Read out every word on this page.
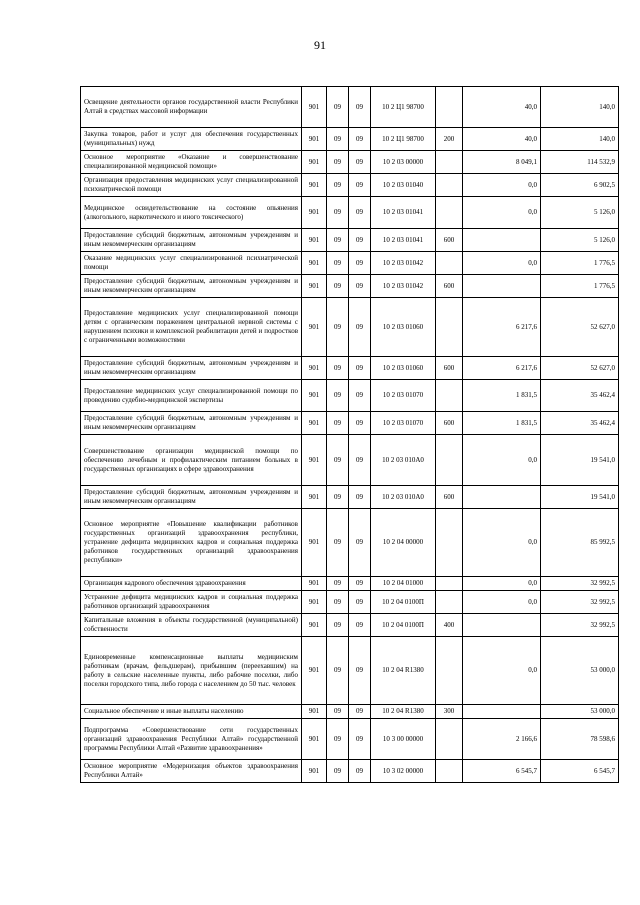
91
Освещение деятельности органов государственной власти Республики Алтай в средствах массовой информации	901	09	09	10 2 Ц1 98700		40,0	140,0
Закупка товаров, работ и услуг для обеспечения государственных (муниципальных) нужд	901	09	09	10 2 Ц1 98700	200	40,0	140,0
Основное мероприятие «Оказание и совершенствование специализированной медицинской помощи»	901	09	09	10 2 03 00000		8 049,1	114 532,9
Организация предоставления медицинских услуг специализированной психиатрической помощи	901	09	09	10 2 03 01040		0,0	6 902,5
Медицинское освидетельствование на состояние опьянения (алкогольного, наркотического и иного токсического)	901	09	09	10 2 03 01041		0,0	5 126,0
Предоставление субсидий бюджетным, автономным учреждениям и иным некоммерческим организациям	901	09	09	10 2 03 01041	600		5 126,0
Оказание медицинских услуг специализированной психиатрической помощи	901	09	09	10 2 03 01042		0,0	1 776,5
Предоставление субсидий бюджетным, автономным учреждениям и иным некоммерческим организациям	901	09	09	10 2 03 01042	600		1 776,5
Предоставление медицинских услуг специализированной помощи детям с органическим поражением центральной нервной системы с нарушением психики и комплексной реабилитации детей и подростков с ограниченными возможностями	901	09	09	10 2 03 01060		6 217,6	52 627,0
Предоставление субсидий бюджетным, автономным учреждениям и иным некоммерческим организациям	901	09	09	10 2 03 01060	600	6 217,6	52 627,0
Предоставление медицинских услуг специализированной помощи по проведению судебно-медицинской экспертизы	901	09	09	10 2 03 01070		1 831,5	35 462,4
Предоставление субсидий бюджетным, автономным учреждениям и иным некоммерческим организациям	901	09	09	10 2 03 01070	600	1 831,5	35 462,4
Совершенствование организации медицинской помощи по обеспечению лечебным и профилактическим питанием больных в государственных организациях в сфере здравоохранения	901	09	09	10 2 03 010А0		0,0	19 541,0
Предоставление субсидий бюджетным, автономным учреждениям и иным некоммерческим организациям	901	09	09	10 2 03 010А0	600		19 541,0
Основное мероприятие «Повышение квалификации работников государственных организаций здравоохранения республики, устранение дефицита медицинских кадров и социальная поддержка работников государственных организаций здравоохранения республики»	901	09	09	10 2 04 00000		0,0	85 992,5
Организация кадрового обеспечения здравоохранения	901	09	09	10 2 04 01000		0,0	32 992,5
Устранение дефицита медицинских кадров и социальная поддержка работников организаций здравоохранения	901	09	09	10 2 04 0100П		0,0	32 992,5
Капитальные вложения в объекты государственной (муниципальной) собственности	901	09	09	10 2 04 0100П	400		32 992,5
Единовременные компенсационные выплаты медицинским работникам (врачам, фельдшерам), прибывшим (переехавшим) на работу в сельские населенные пункты, либо рабочие поселки, либо поселки городского типа, либо города с населением до 50 тыс. человек	901	09	09	10 2 04 R1380		0,0	53 000,0
Социальное обеспечение и иные выплаты населению	901	09	09	10 2 04 R1380	300		53 000,0
Подпрограмма «Совершенствование сети государственных организаций здравоохранения Республики Алтай» государственной программы Республики Алтай «Развитие здравоохранения»	901	09	09	10 3 00 00000		2 166,6	78 598,6
Основное мероприятие «Модернизация объектов здравоохранения Республики Алтай»	901	09	09	10 3 02 00000		6 545,7	6 545,7
